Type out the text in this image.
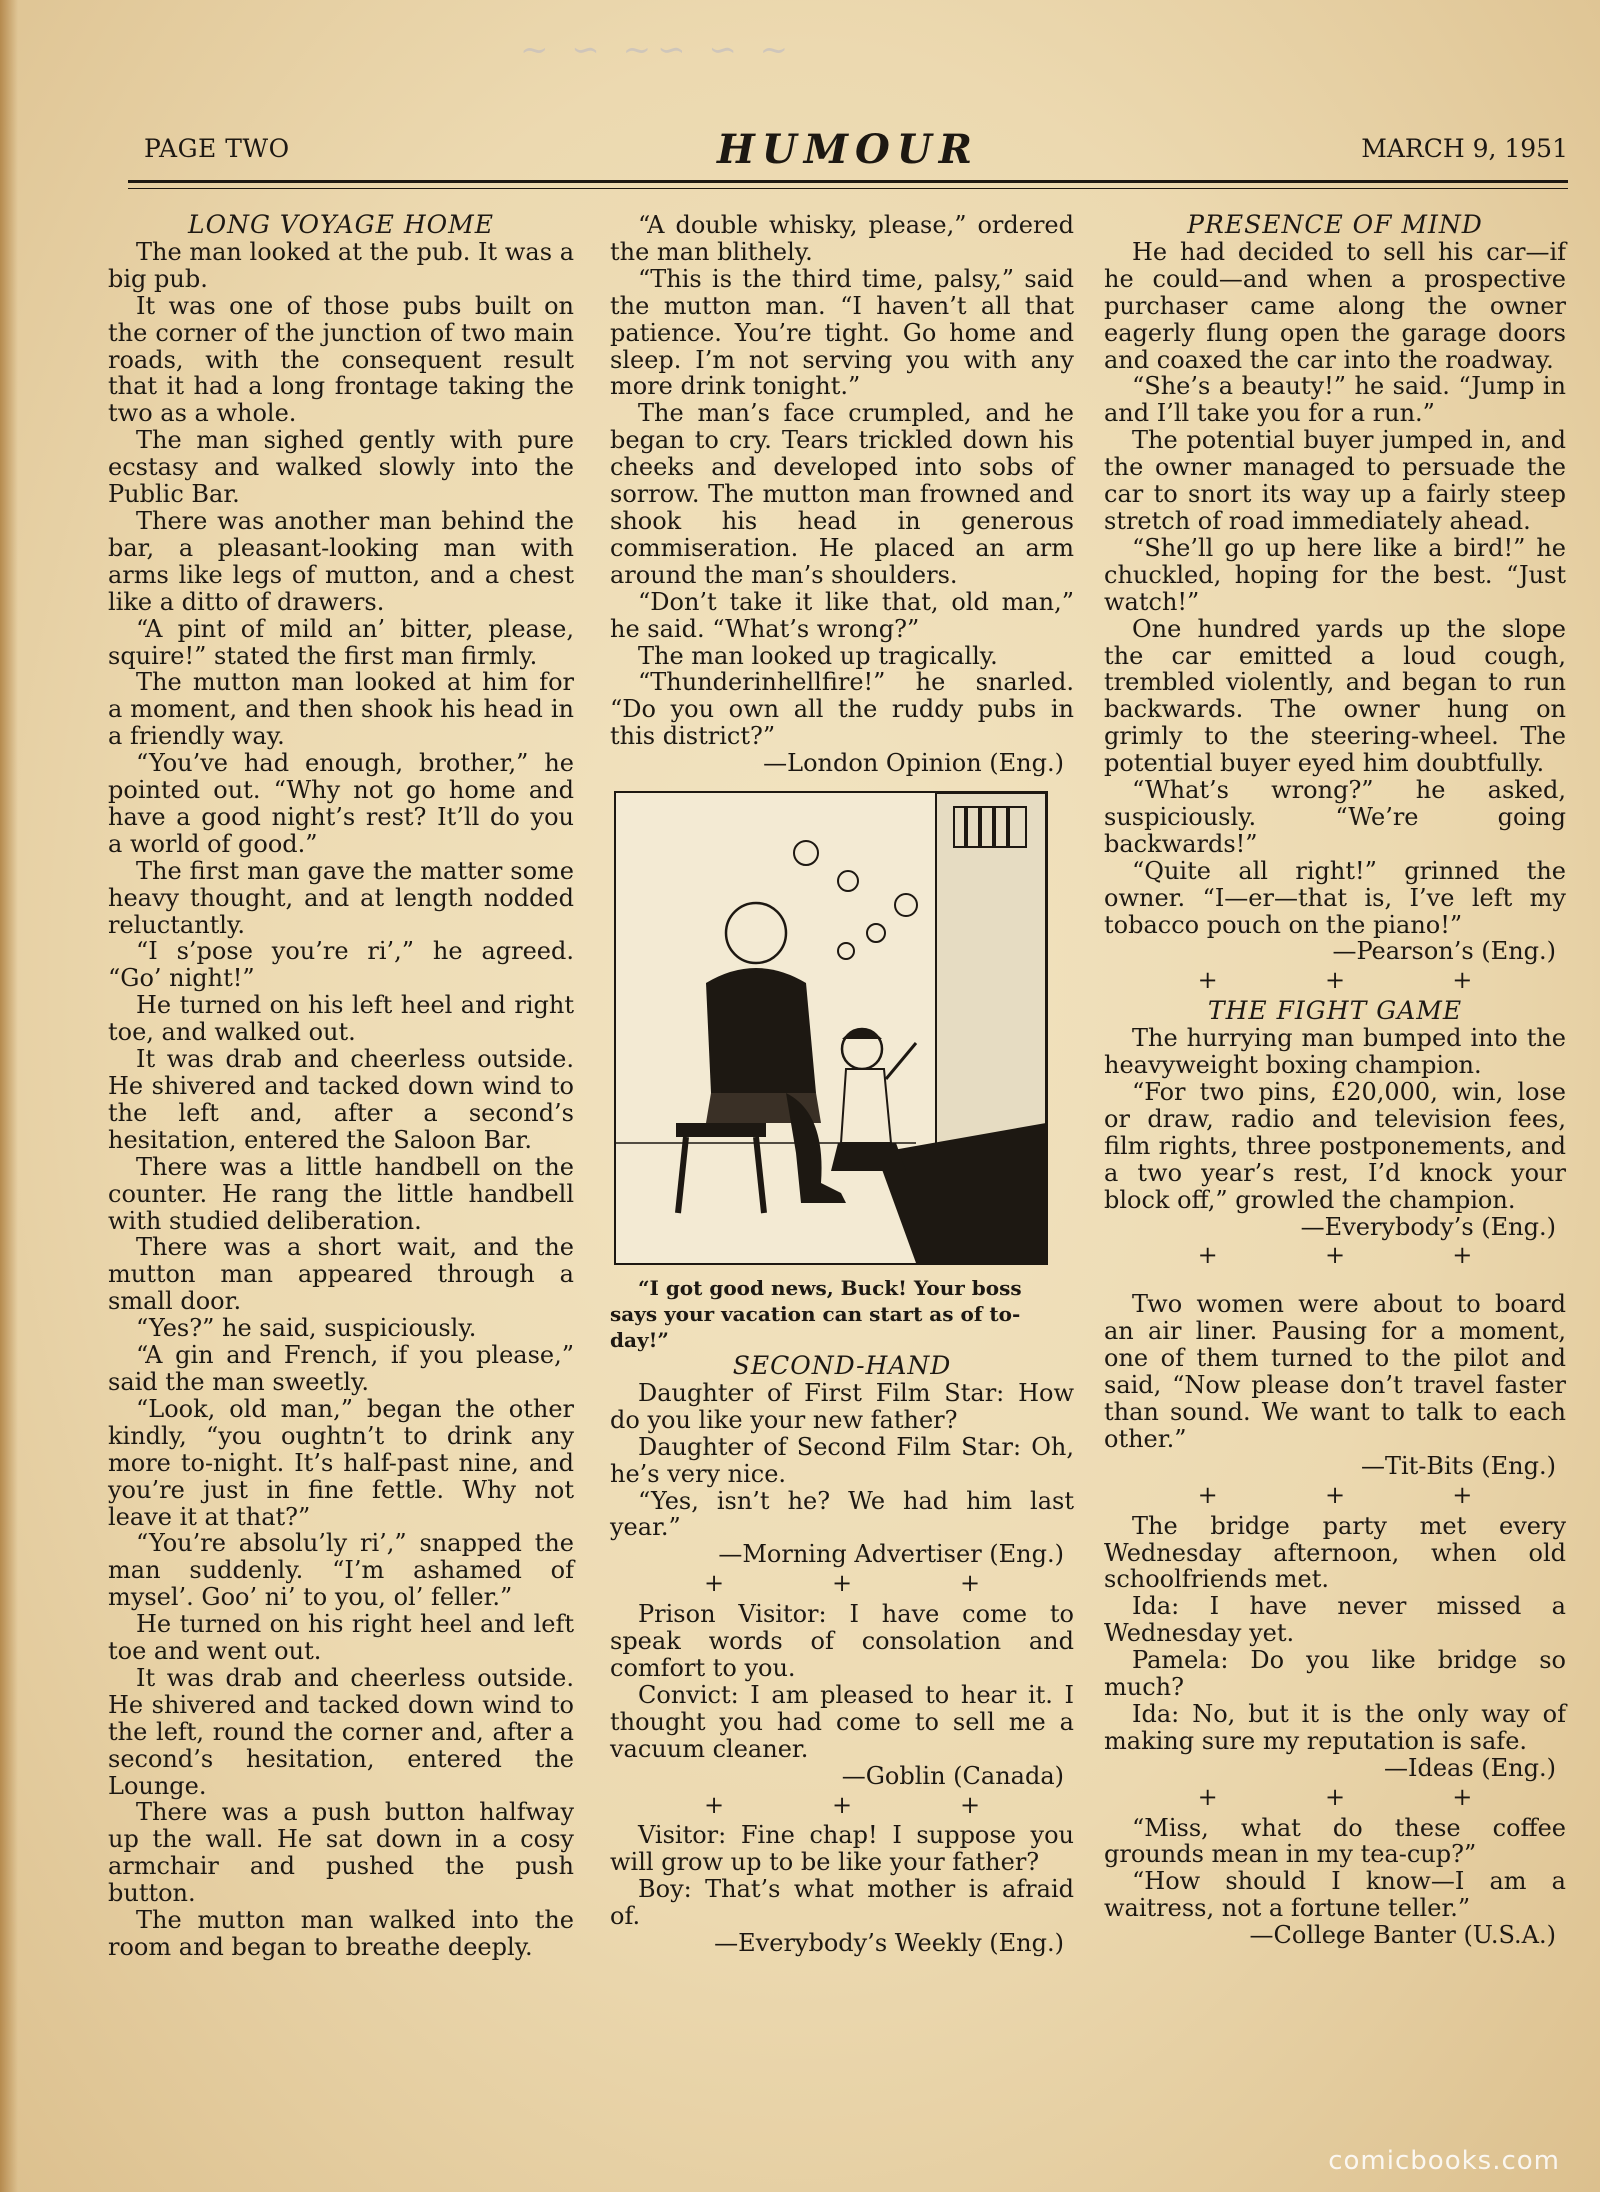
~ ∽ ~∽ ∽ ~
PAGE TWO	HUMOUR	MARCH 9, 1951
LONG VOYAGE HOME

The man looked at the pub. It was a big pub.

It was one of those pubs built on the corner of the junction of two main roads, with the consequent result that it had a long frontage taking the two as a whole.

The man sighed gently with pure ecstasy and walked slowly into the Public Bar.

There was another man behind the bar, a pleasant-looking man with arms like legs of mutton, and a chest like a ditto of drawers.

“A pint of mild an’ bitter, please, squire!” stated the first man firmly.

The mutton man looked at him for a moment, and then shook his head in a friendly way.

“You’ve had enough, brother,” he pointed out. “Why not go home and have a good night’s rest? It’ll do you a world of good.”

The first man gave the matter some heavy thought, and at length nodded reluctantly.

“I s’pose you’re ri’,” he agreed. “Go’ night!”

He turned on his left heel and right toe, and walked out.

It was drab and cheerless outside. He shivered and tacked down wind to the left and, after a second’s hesitation, entered the Saloon Bar.

There was a little handbell on the counter. He rang the little handbell with studied deliberation.

There was a short wait, and the mutton man appeared through a small door.

“Yes?” he said, suspiciously.

“A gin and French, if you please,” said the man sweetly.

“Look, old man,” began the other kindly, “you oughtn’t to drink any more to-night. It’s half-past nine, and you’re just in fine fettle. Why not leave it at that?”

“You’re absolu’ly ri’,” snapped the man suddenly. “I’m ashamed of mysel’. Goo’ ni’ to you, ol’ feller.”

He turned on his right heel and left toe and went out.

It was drab and cheerless outside. He shivered and tacked down wind to the left, round the corner and, after a second’s hesitation, entered the Lounge.

There was a push button halfway up the wall. He sat down in a cosy armchair and pushed the push button.

The mutton man walked into the room and began to breathe deeply.

“A double whisky, please,” ordered the man blithely.

“This is the third time, palsy,” said the mutton man. “I haven’t all that patience. You’re tight. Go home and sleep. I’m not serving you with any more drink tonight.”

The man’s face crumpled, and he began to cry. Tears trickled down his cheeks and developed into sobs of sorrow. The mutton man frowned and shook his head in generous commiseration. He placed an arm around the man’s shoulders.

“Don’t take it like that, old man,” he said. “What’s wrong?”

The man looked up tragically.

“Thunderinhellfire!” he snarled. “Do you own all the ruddy pubs in this district?”

—London Opinion (Eng.)

“I got good news, Buck! Your boss says your vacation can start as of to-day!”

SECOND-HAND

Daughter of First Film Star: How do you like your new father?

Daughter of Second Film Star: Oh, he’s very nice.

“Yes, isn’t he? We had him last year.”

—Morning Advertiser (Eng.)

+	+	+

Prison Visitor: I have come to speak words of consolation and comfort to you.

Convict: I am pleased to hear it. I thought you had come to sell me a vacuum cleaner.

—Goblin (Canada)

+	+	+

Visitor: Fine chap! I suppose you will grow up to be like your father?

Boy: That’s what mother is afraid of.

—Everybody’s Weekly (Eng.)

PRESENCE OF MIND

He had decided to sell his car—if he could—and when a prospective purchaser came along the owner eagerly flung open the garage doors and coaxed the car into the roadway.

“She’s a beauty!” he said. “Jump in and I’ll take you for a run.”

The potential buyer jumped in, and the owner managed to persuade the car to snort its way up a fairly steep stretch of road immediately ahead.

“She’ll go up here like a bird!” he chuckled, hoping for the best. “Just watch!”

One hundred yards up the slope the car emitted a loud cough, trembled violently, and began to run backwards. The owner hung on grimly to the steering-wheel. The potential buyer eyed him doubtfully.

“What’s wrong?” he asked, suspiciously. “We’re going backwards!”

“Quite all right!” grinned the owner. “I—er—that is, I’ve left my tobacco pouch on the piano!”

—Pearson’s (Eng.)

+	+	+
THE FIGHT GAME

The hurrying man bumped into the heavyweight boxing champion.

“For two pins, £20,000, win, lose or draw, radio and television fees, film rights, three postponements, and a two year’s rest, I’d knock your block off,” growled the champion.

—Everybody’s (Eng.)

+	+	+

Two women were about to board an air liner. Pausing for a moment, one of them turned to the pilot and said, “Now please don’t travel faster than sound. We want to talk to each other.”

—Tit-Bits (Eng.)

+	+	+

The bridge party met every Wednesday afternoon, when old schoolfriends met.

Ida: I have never missed a Wednesday yet.

Pamela: Do you like bridge so much?

Ida: No, but it is the only way of making sure my reputation is safe.

—Ideas (Eng.)

+	+	+

“Miss, what do these coffee grounds mean in my tea-cup?”

“How should I know—I am a waitress, not a fortune teller.”

—College Banter (U.S.A.)

comicbooks.com
